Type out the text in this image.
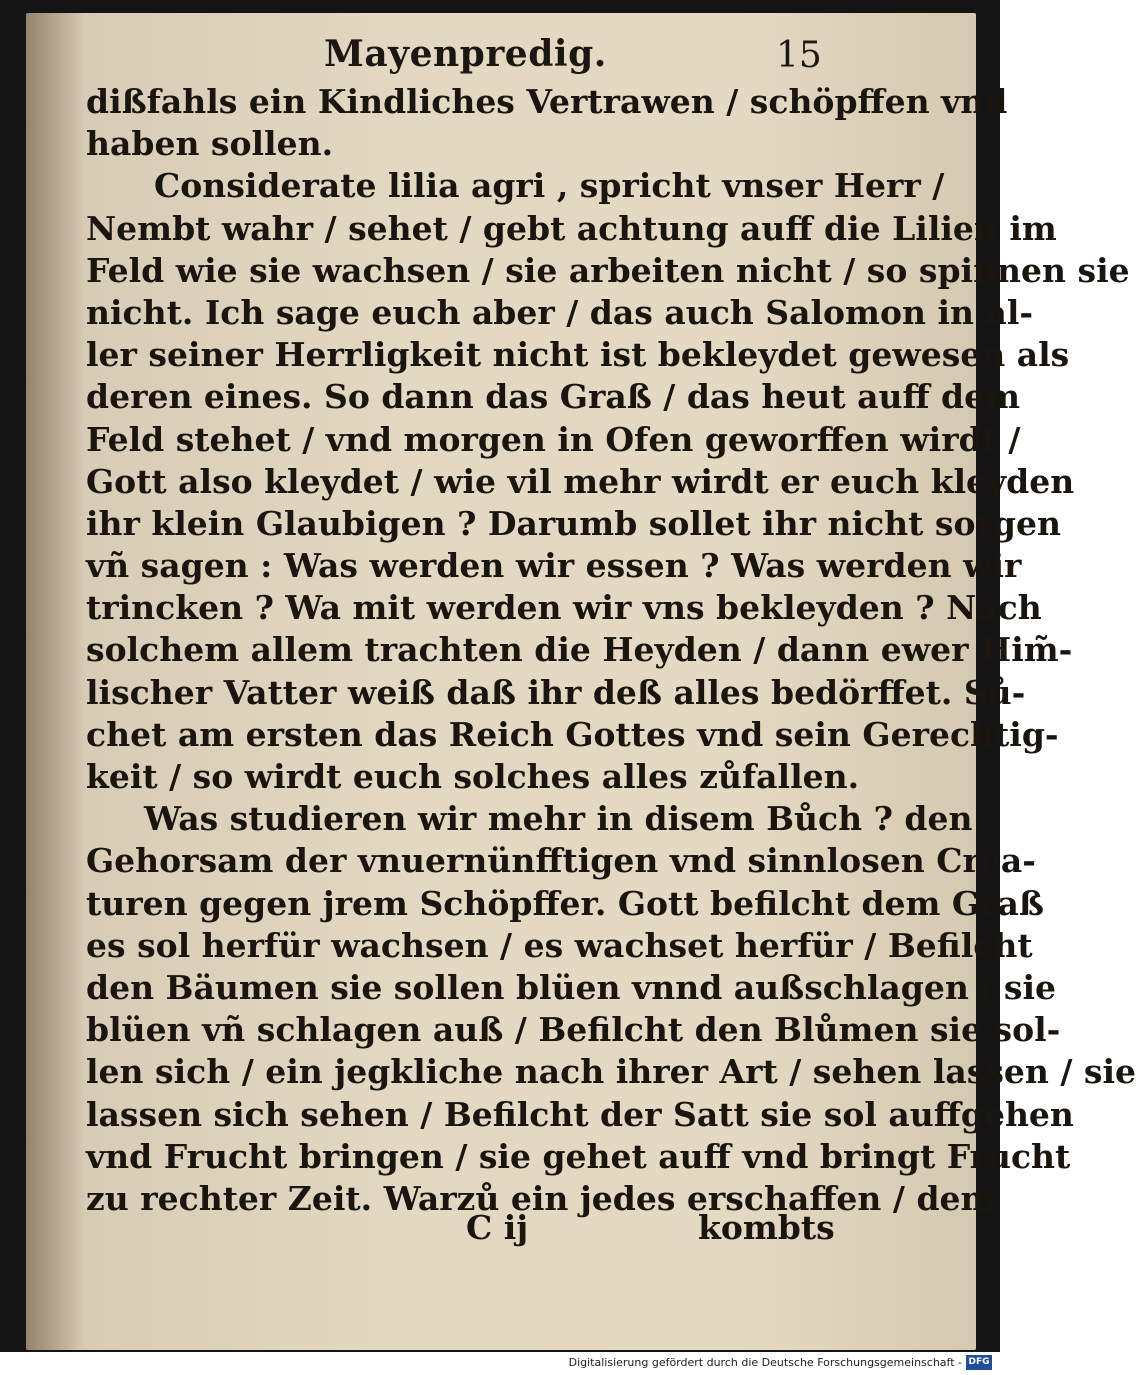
Mayenpredig.	15
dißfahls ein Kindliches Vertrawen / schöpffen vnd
haben sollen.
Considerate lilia agri , spricht vnser Herr /
Nembt wahr / sehet / gebt achtung auff die Lilien im
Feld wie sie wachsen / sie arbeiten nicht / so spinnen sie
nicht. Ich sage euch aber / das auch Salomon in al-
ler seiner Herrligkeit nicht ist bekleydet gewesen als
deren eines. So dann das Graß / das heut auff dem
Feld stehet / vnd morgen in Ofen geworffen wirdt /
Gott also kleydet / wie vil mehr wirdt er euch kleyden
ihr klein Glaubigen ? Darumb sollet ihr nicht sorgen
vñ sagen : Was werden wir essen ? Was werden wir
trincken ? Wa mit werden wir vns bekleyden ? Nach
solchem allem trachten die Heyden / dann ewer Him̃-
lischer Vatter weiß daß ihr deß alles bedörffet. Sů-
chet am ersten das Reich Gottes vnd sein Gerechtig-
keit / so wirdt euch solches alles zůfallen.
Was studieren wir mehr in disem Bůch ? den
Gehorsam der vnuernünfftigen vnd sinnlosen Crea-
turen gegen jrem Schöpffer. Gott befilcht dem Graß
es sol herfür wachsen / es wachset herfür / Befilcht
den Bäumen sie sollen blüen vnnd außschlagen / sie
blüen vñ schlagen auß / Befilcht den Blůmen sie sol-
len sich / ein jegkliche nach ihrer Art / sehen lassen / sie
lassen sich sehen / Befilcht der Satt sie sol auffgehen
vnd Frucht bringen / sie gehet auff vnd bringt Frucht
zu rechter Zeit. Warzů ein jedes erschaffen / dem
C ij	kombts
Digitalisierung gefördert durch die Deutsche Forschungsgemeinschaft - DFG
